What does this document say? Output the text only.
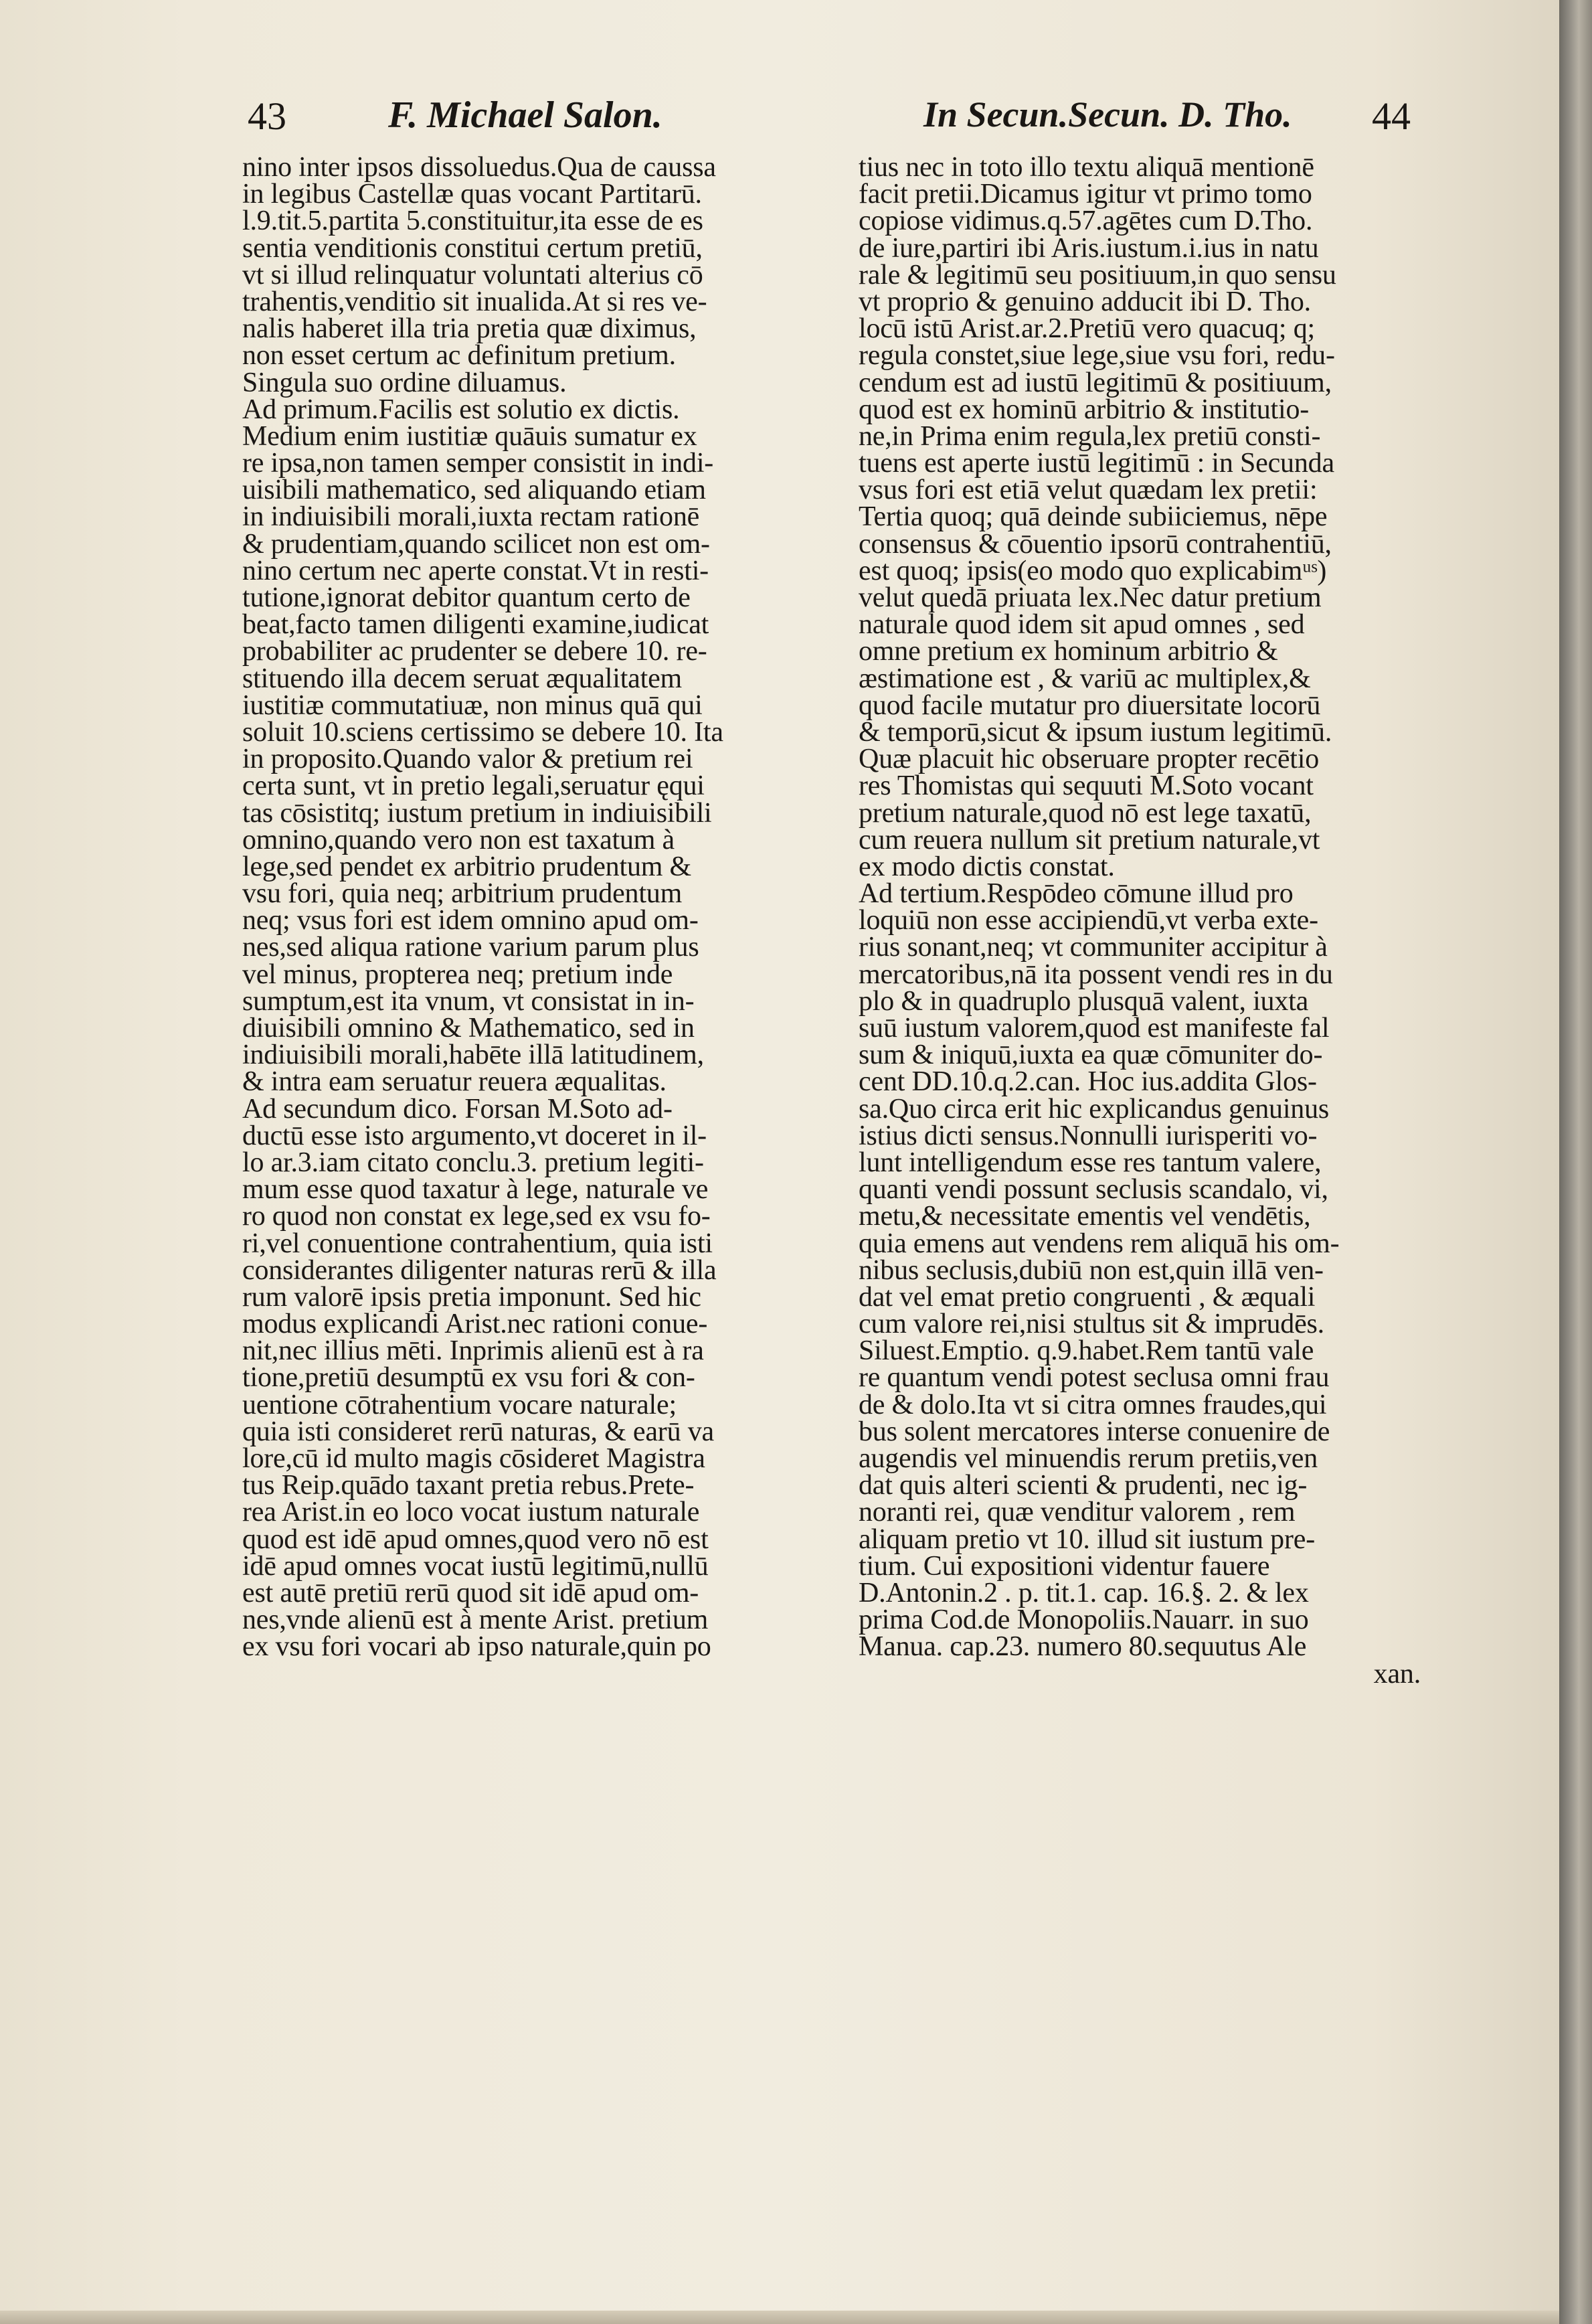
43	F. Michael Salon.	In Secun.Secun. D. Tho. 44
nino inter ipsos dissoluedus.Qua de caussa
in legibus Castellæ quas vocant Partitarū.
l.9.tit.5.partita 5.constituitur,ita esse de es
sentia venditionis constitui certum pretiū,
vt si illud relinquatur voluntati alterius cō
trahentis,venditio sit inualida.At si res ve-
nalis haberet illa tria pretia quæ diximus,
non esset certum ac definitum pretium.
Singula suo ordine diluamus.
Ad primum.Facilis est solutio ex dictis.
Medium enim iustitiæ quāuis sumatur ex
re ipsa,non tamen semper consistit in indi-
uisibili mathematico, sed aliquando etiam
in indiuisibili morali,iuxta rectam rationē
& prudentiam,quando scilicet non est om-
nino certum nec aperte constat.Vt in resti-
tutione,ignorat debitor quantum certo de
beat,facto tamen diligenti examine,iudicat
probabiliter ac prudenter se debere 10. re-
stituendo illa decem seruat æqualitatem
iustitiæ commutatiuæ, non minus quā qui
soluit 10.sciens certissimo se debere 10. Ita
in proposito.Quando valor & pretium rei
certa sunt, vt in pretio legali,seruatur ęqui
tas cōsistitq; iustum pretium in indiuisibili
omnino,quando vero non est taxatum à
lege,sed pendet ex arbitrio prudentum &
vsu fori, quia neq; arbitrium prudentum
neq; vsus fori est idem omnino apud om-
nes,sed aliqua ratione varium parum plus
vel minus, propterea neq; pretium inde
sumptum,est ita vnum, vt consistat in in-
diuisibili omnino & Mathematico, sed in
indiuisibili morali,habēte illā latitudinem,
& intra eam seruatur reuera æqualitas.
Ad secundum dico. Forsan M.Soto ad-
ductū esse isto argumento,vt doceret in il-
lo ar.3.iam citato conclu.3. pretium legiti-
mum esse quod taxatur à lege, naturale ve
ro quod non constat ex lege,sed ex vsu fo-
ri,vel conuentione contrahentium, quia isti
considerantes diligenter naturas rerū & illa
rum valorē ipsis pretia imponunt. Sed hic
modus explicandi Arist.nec rationi conue-
nit,nec illius mēti. Inprimis alienū est à ra
tione,pretiū desumptū ex vsu fori & con-
uentione cōtrahentium vocare naturale;
quia isti consideret rerū naturas, & earū va
lore,cū id multo magis cōsideret Magistra
tus Reip.quādo taxant pretia rebus.Prete-
rea Arist.in eo loco vocat iustum naturale
quod est idē apud omnes,quod vero nō est
idē apud omnes vocat iustū legitimū,nullū
est autē pretiū rerū quod sit idē apud om-
nes,vnde alienū est à mente Arist. pretium
ex vsu fori vocari ab ipso naturale,quin po
tius nec in toto illo textu aliquā mentionē
facit pretii.Dicamus igitur vt primo tomo
copiose vidimus.q.57.agētes cum D.Tho.
de iure,partiri ibi Aris.iustum.i.ius in natu
rale & legitimū seu positiuum,in quo sensu
vt proprio & genuino adducit ibi D. Tho.
locū istū Arist.ar.2.Pretiū vero quacuq; q;
regula constet,siue lege,siue vsu fori, redu-
cendum est ad iustū legitimū & positiuum,
quod est ex hominū arbitrio & institutio-
ne,in Prima enim regula,lex pretiū consti-
tuens est aperte iustū legitimū : in Secunda
vsus fori est etiā velut quædam lex pretii:
Tertia quoq; quā deinde subiiciemus, nēpe
consensus & cōuentio ipsorū contrahentiū,
est quoq; ipsis(eo modo quo explicabimᵘˢ)
velut quedā priuata lex.Nec datur pretium
naturale quod idem sit apud omnes , sed
omne pretium ex hominum arbitrio &
æstimatione est , & variū ac multiplex,&
quod facile mutatur pro diuersitate locorū
& temporū,sicut & ipsum iustum legitimū.
Quæ placuit hic obseruare propter recētio
res Thomistas qui sequuti M.Soto vocant
pretium naturale,quod nō est lege taxatū,
cum reuera nullum sit pretium naturale,vt
ex modo dictis constat.
Ad tertium.Respōdeo cōmune illud pro
loquiū non esse accipiendū,vt verba exte-
rius sonant,neq; vt communiter accipitur à
mercatoribus,nā ita possent vendi res in du
plo & in quadruplo plusquā valent, iuxta
suū iustum valorem,quod est manifeste fal
sum & iniquū,iuxta ea quæ cōmuniter do-
cent DD.10.q.2.can. Hoc ius.addita Glos-
sa.Quo circa erit hic explicandus genuinus
istius dicti sensus.Nonnulli iurisperiti vo-
lunt intelligendum esse res tantum valere,
quanti vendi possunt seclusis scandalo, vi,
metu,& necessitate ementis vel vendētis,
quia emens aut vendens rem aliquā his om-
nibus seclusis,dubiū non est,quin illā ven-
dat vel emat pretio congruenti , & æquali
cum valore rei,nisi stultus sit & imprudēs.
Siluest.Emptio. q.9.habet.Rem tantū vale
re quantum vendi potest seclusa omni frau
de & dolo.Ita vt si citra omnes fraudes,qui
bus solent mercatores interse conuenire de
augendis vel minuendis rerum pretiis,ven
dat quis alteri scienti & prudenti, nec ig-
noranti rei, quæ venditur valorem , rem
aliquam pretio vt 10. illud sit iustum pre-
tium. Cui expositioni videntur fauere
D.Antonin.2 . p. tit.1. cap. 16.§. 2. & lex
prima Cod.de Monopoliis.Nauarr. in suo
Manua. cap.23. numero 80.sequutus Ale
xan.
